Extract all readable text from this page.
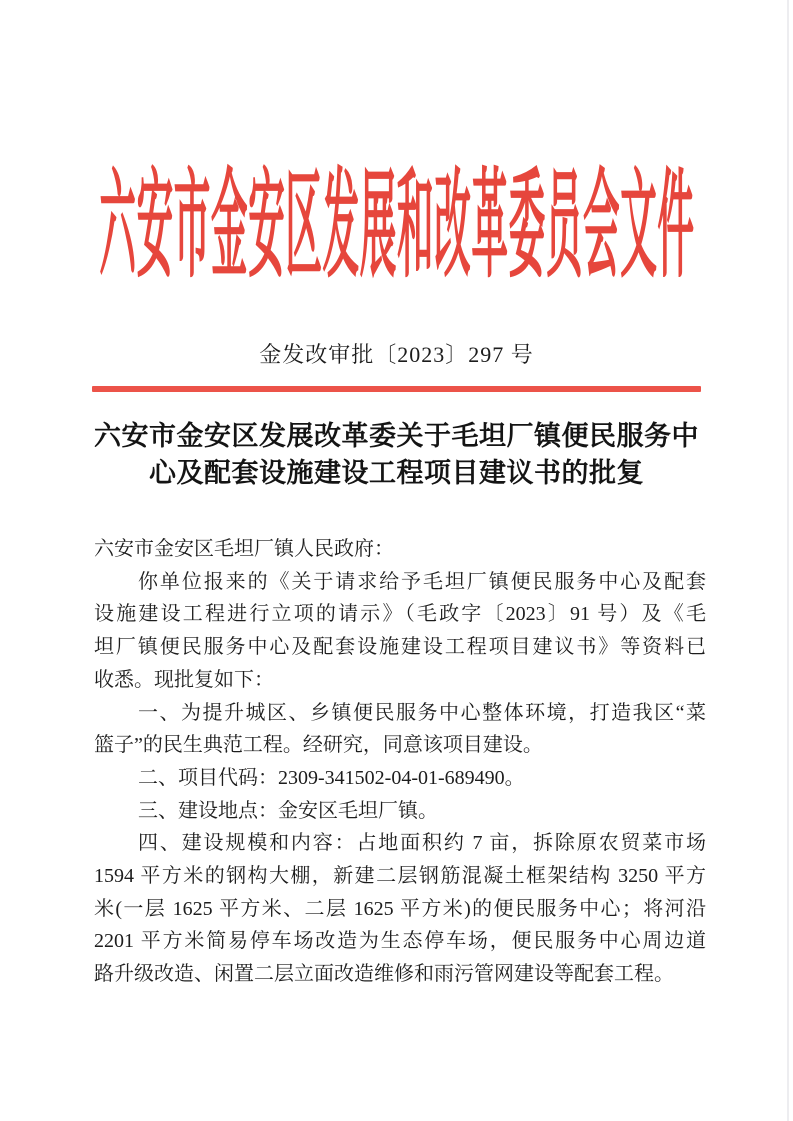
六安市金安区发展和改革委员会文件
金发改审批〔2023〕297 号
六安市金安区发展改革委关于毛坦厂镇便民服务中
心及配套设施建设工程项目建议书的批复
六安市金安区毛坦厂镇人民政府：
你单位报来的《关于请求给予毛坦厂镇便民服务中心及配套
设施建设工程进行立项的请示》（毛政字〔2023〕91 号）及《毛
坦厂镇便民服务中心及配套设施建设工程项目建议书》等资料已
收悉。现批复如下：
一、为提升城区、乡镇便民服务中心整体环境，打造我区“菜
篮子”的民生典范工程。经研究，同意该项目建设。
二、项目代码：2309-341502-04-01-689490。
三、建设地点：金安区毛坦厂镇。
四、建设规模和内容：占地面积约 7 亩，拆除原农贸菜市场
1594 平方米的钢构大棚，新建二层钢筋混凝土框架结构 3250 平方
米(一层 1625 平方米、二层 1625 平方米)的便民服务中心；将河沿
2201 平方米简易停车场改造为生态停车场，便民服务中心周边道
路升级改造、闲置二层立面改造维修和雨污管网建设等配套工程。
